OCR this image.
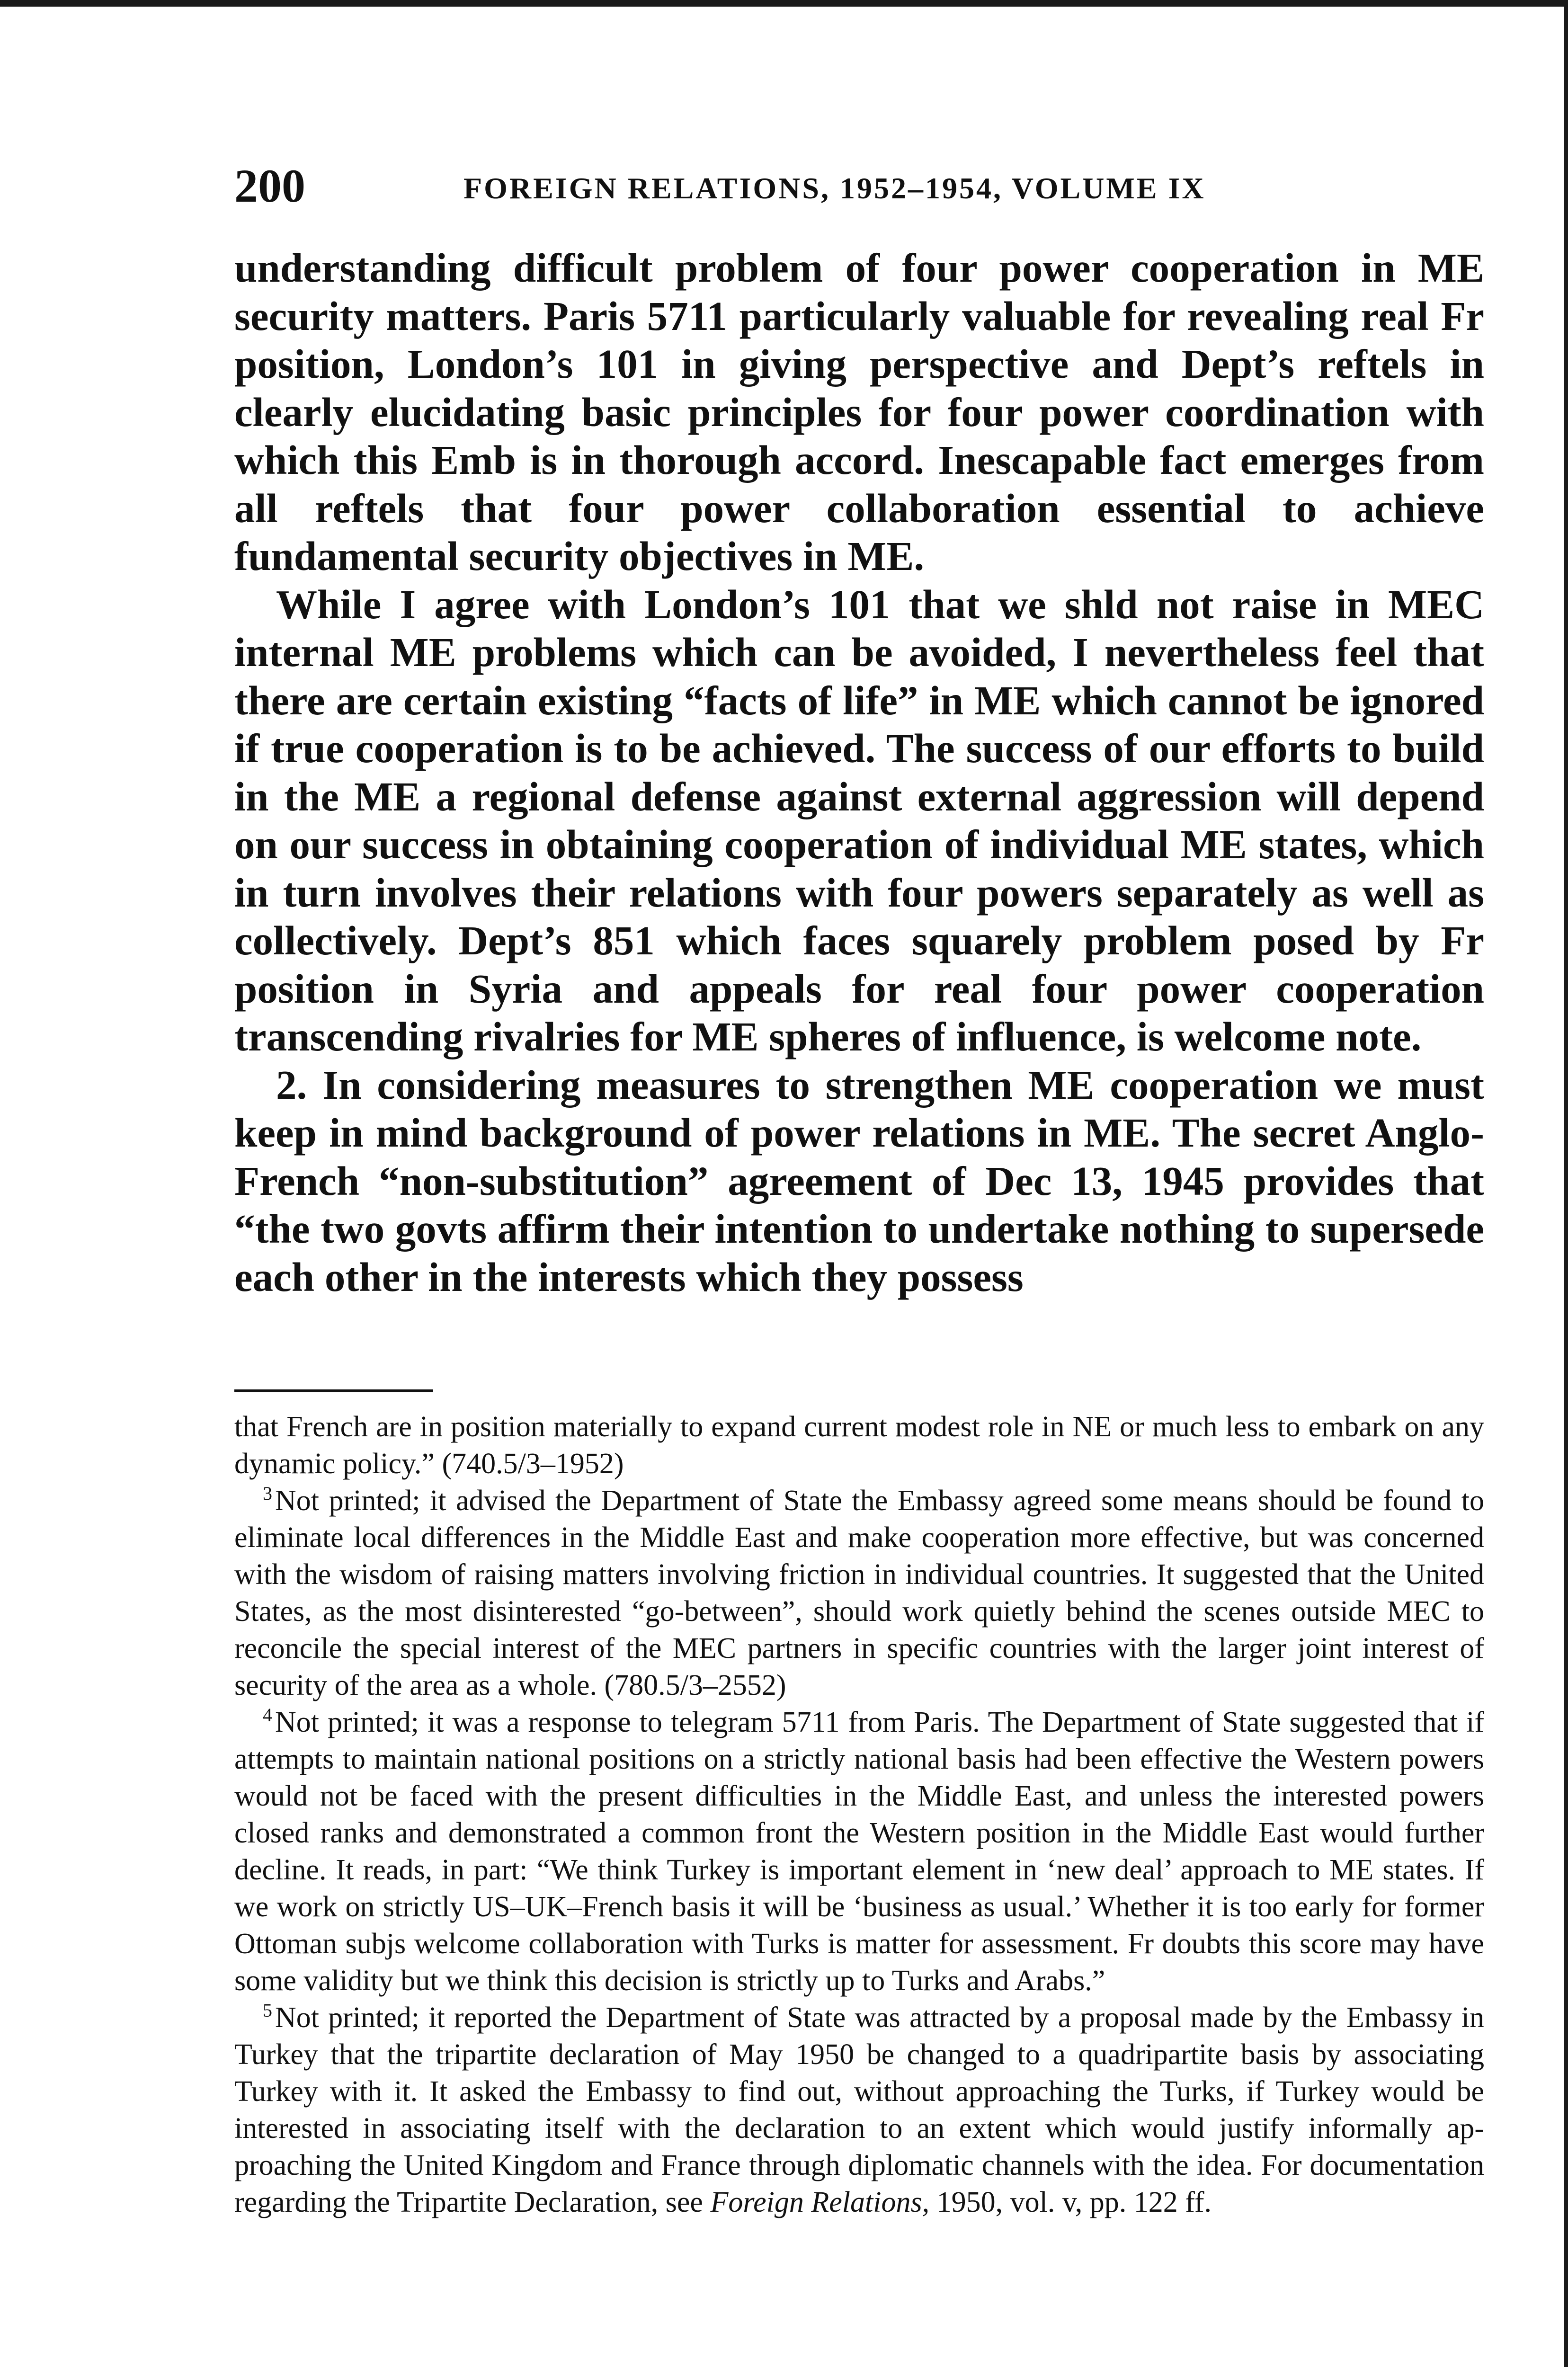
200	FOREIGN RELATIONS, 1952–1954, VOLUME IX

understanding difficult problem of four power cooperation in ME security matters. Paris 5711 particularly valuable for revealing real Fr position, London’s 101 in giving perspective and Dept’s reftels in clearly elucidating basic principles for four power coordination with which this Emb is in thorough accord. Inescapable fact emerges from all reftels that four power collaboration essential to achieve fundamental security objectives in ME.

While I agree with London’s 101 that we shld not raise in MEC internal ME problems which can be avoided, I nevertheless feel that there are certain existing “facts of life” in ME which cannot be ignored if true cooperation is to be achieved. The success of our efforts to build in the ME a regional defense against external aggression will depend on our success in obtaining cooperation of individual ME states, which in turn involves their relations with four powers separately as well as collectively. Dept’s 851 which faces squarely problem posed by Fr position in Syria and appeals for real four power cooperation transcending rivalries for ME spheres of influence, is welcome note.

2. In considering measures to strengthen ME cooperation we must keep in mind background of power relations in ME. The secret Anglo-French “non-substitution” agreement of Dec 13, 1945 provides that “the two govts affirm their intention to undertake nothing to supersede each other in the interests which they possess

that French are in position materially to expand current modest role in NE or much less to embark on any dynamic policy.” (740.5/3–1952)

$^3$Not printed; it advised the Department of State the Embassy agreed some means should be found to eliminate local differences in the Middle East and make cooperation more effective, but was concerned with the wisdom of raising matters involving friction in individual countries. It suggested that the United States, as the most disinterested “go-between”, should work quietly behind the scenes outside MEC to reconcile the special interest of the MEC partners in specific countries with the larger joint interest of security of the area as a whole. (780.5/3–2552)

$^4$Not printed; it was a response to telegram 5711 from Paris. The Department of State suggested that if attempts to maintain national positions on a strictly national basis had been effective the Western powers would not be faced with the present difficulties in the Middle East, and unless the interested powers closed ranks and demonstrated a common front the Western position in the Middle East would further decline. It reads, in part: “We think Turkey is important element in ‘new deal’ approach to ME states. If we work on strictly US–UK–French basis it will be ‘business as usual.’ Whether it is too early for former Ottoman subjs welcome collaboration with Turks is matter for assessment. Fr doubts this score may have some validity but we think this decision is strictly up to Turks and Arabs.”

$^5$Not printed; it reported the Department of State was attracted by a proposal made by the Embassy in Turkey that the tripartite declaration of May 1950 be changed to a quadripartite basis by associating Turkey with it. It asked the Embassy to find out, without approaching the Turks, if Turkey would be interested in associating itself with the declaration to an extent which would justify informally approaching the United Kingdom and France through diplomatic channels with the idea. For documentation regarding the Tripartite Declaration, see Foreign Relations, 1950, vol. v, pp. 122 ff.
